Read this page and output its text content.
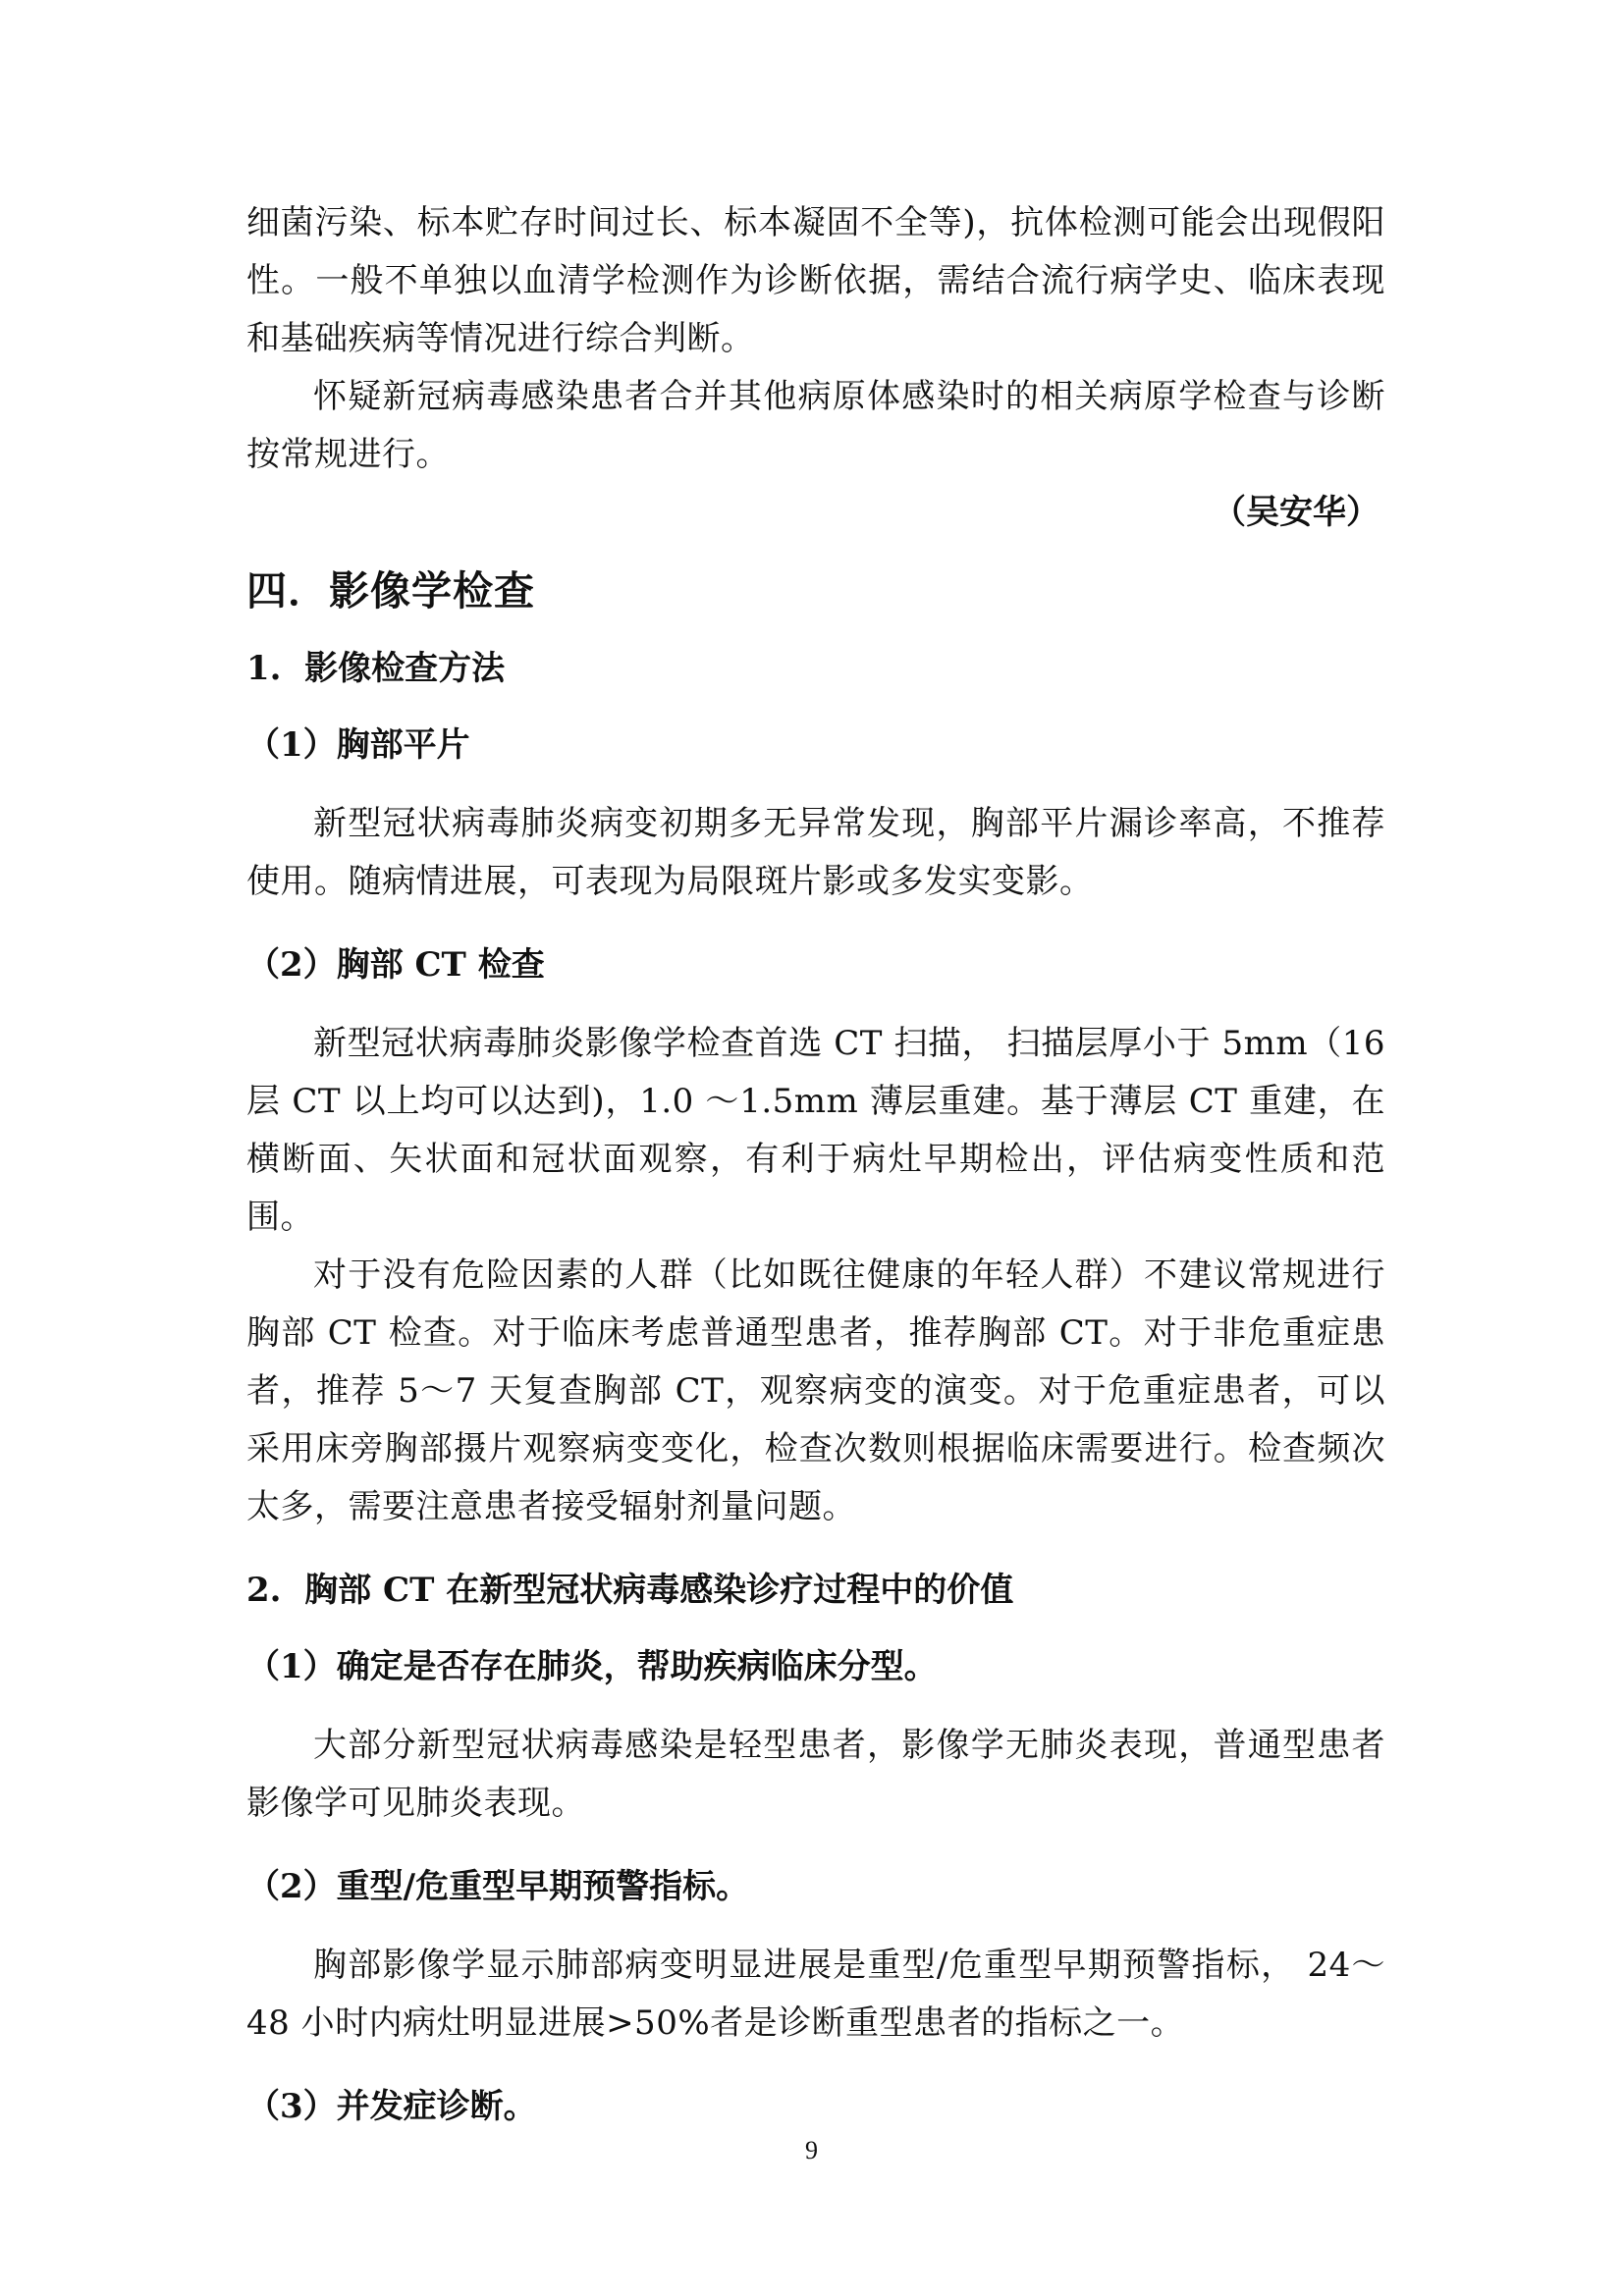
细菌污染、标本贮存时间过长、标本凝固不全等)，抗体检测可能会出现假阳性。一般不单独以血清学检测作为诊断依据，需结合流行病学史、临床表现和基础疾病等情况进行综合判断。

怀疑新冠病毒感染患者合并其他病原体感染时的相关病原学检查与诊断按常规进行。

（吴安华）

四．影像学检查
1.  影像检查方法
（1）胸部平片

新型冠状病毒肺炎病变初期多无异常发现，胸部平片漏诊率高，不推荐使用。随病情进展，可表现为局限斑片影或多发实变影。

（2）胸部 CT 检查

新型冠状病毒肺炎影像学检查首选 CT 扫描， 扫描层厚小于 5mm（16 层 CT 以上均可以达到)，1.0 ～1.5mm 薄层重建。基于薄层 CT 重建，在横断面、矢状面和冠状面观察，有利于病灶早期检出，评估病变性质和范围。

对于没有危险因素的人群（比如既往健康的年轻人群）不建议常规进行胸部 CT 检查。对于临床考虑普通型患者，推荐胸部 CT。对于非危重症患者，推荐 5～7 天复查胸部 CT，观察病变的演变。对于危重症患者，可以采用床旁胸部摄片观察病变变化，检查次数则根据临床需要进行。检查频次太多，需要注意患者接受辐射剂量问题。

2.  胸部 CT 在新型冠状病毒感染诊疗过程中的价值
（1）确定是否存在肺炎，帮助疾病临床分型。

大部分新型冠状病毒感染是轻型患者，影像学无肺炎表现，普通型患者影像学可见肺炎表现。

（2）重型/危重型早期预警指标。

胸部影像学显示肺部病变明显进展是重型/危重型早期预警指标， 24～48 小时内病灶明显进展>50%者是诊断重型患者的指标之一。

（3）并发症诊断。
9
